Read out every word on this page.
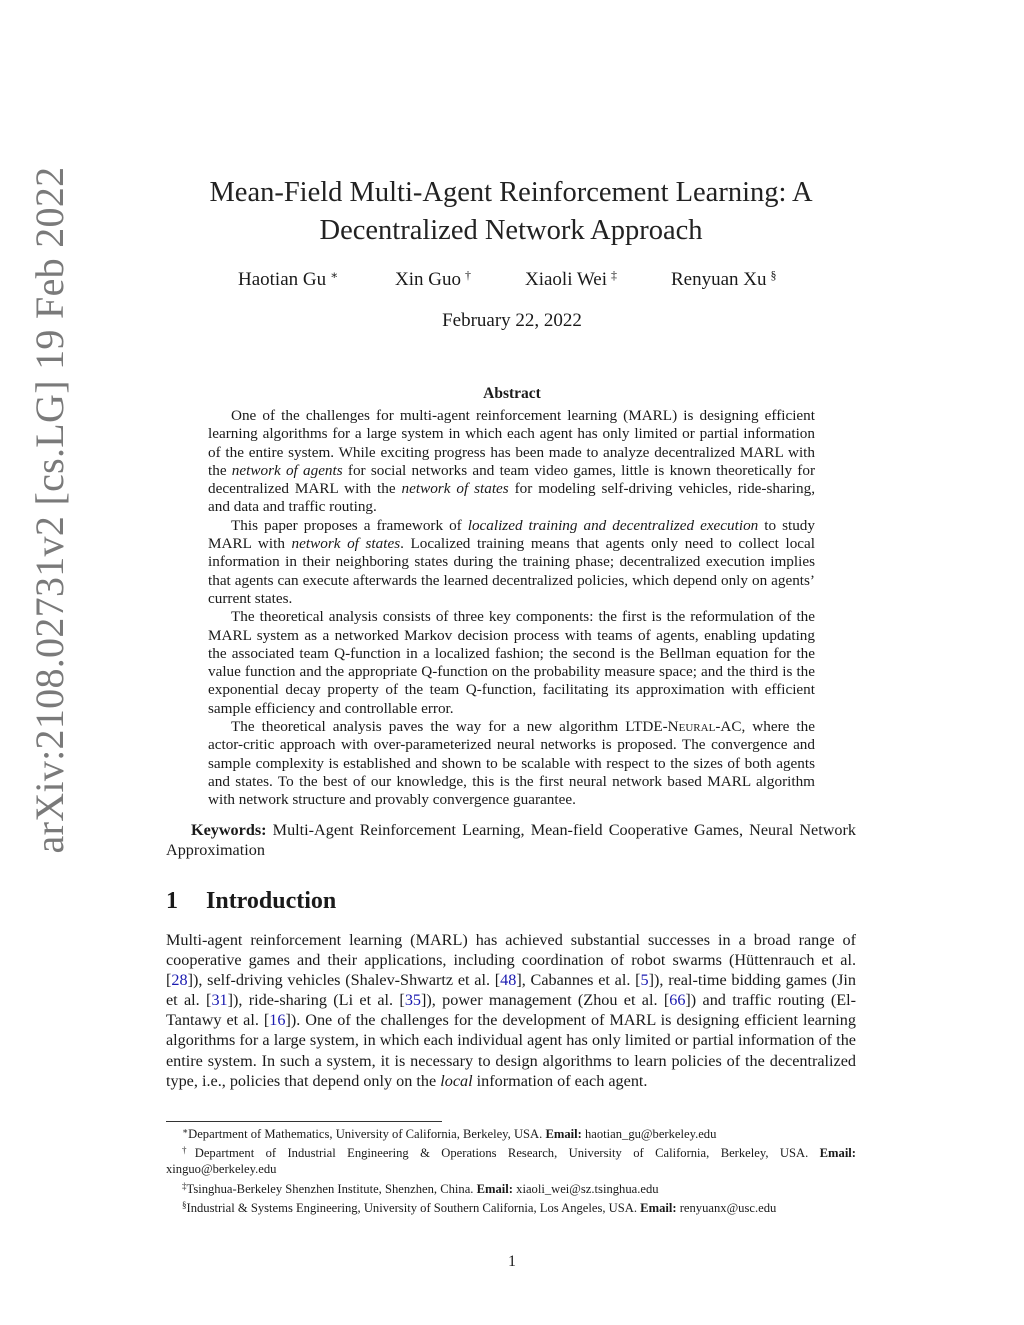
arXiv:2108.02731v2 [cs.LG] 19 Feb 2022	Mean-Field Multi-Agent Reinforcement Learning: A Decentralized Network Approach
Haotian Gu ∗	Xin Guo †	Xiaoli Wei ‡	Renyuan Xu §
February 22, 2022
Abstract

One of the challenges for multi-agent reinforcement learning (MARL) is designing efficient learning algorithms for a large system in which each agent has only limited or partial information of the entire system. While exciting progress has been made to analyze decentralized MARL with the network of agents for social networks and team video games, little is known theoretically for decentralized MARL with the network of states for modeling self-driving vehicles, ride-sharing, and data and traffic routing.

This paper proposes a framework of localized training and decentralized execution to study MARL with network of states. Localized training means that agents only need to collect local information in their neighboring states during the training phase; decentralized execution implies that agents can execute afterwards the learned decentralized policies, which depend only on agents’ current states.

The theoretical analysis consists of three key components: the first is the reformulation of the MARL system as a networked Markov decision process with teams of agents, enabling updating the associated team Q-function in a localized fashion; the second is the Bellman equation for the value function and the appropriate Q-function on the probability measure space; and the third is the exponential decay property of the team Q-function, facilitating its approximation with efficient sample efficiency and controllable error.

The theoretical analysis paves the way for a new algorithm LTDE-Neural-AC, where the actor-critic approach with over-parameterized neural networks is proposed. The convergence and sample complexity is established and shown to be scalable with respect to the sizes of both agents and states. To the best of our knowledge, this is the first neural network based MARL algorithm with network structure and provably convergence guarantee.

Keywords: Multi-Agent Reinforcement Learning, Mean-field Cooperative Games, Neural Network Approximation
1 Introduction

Multi-agent reinforcement learning (MARL) has achieved substantial successes in a broad range of cooperative games and their applications, including coordination of robot swarms (Hüttenrauch et al. [28]), self-driving vehicles (Shalev-Shwartz et al. [48], Cabannes et al. [5]), real-time bidding games (Jin et al. [31]), ride-sharing (Li et al. [35]), power management (Zhou et al. [66]) and traffic routing (El-Tantawy et al. [16]). One of the challenges for the development of MARL is designing efficient learning algorithms for a large system, in which each individual agent has only limited or partial information of the entire system. In such a system, it is necessary to design algorithms to learn policies of the decentralized type, i.e., policies that depend only on the local information of each agent.

∗Department of Mathematics, University of California, Berkeley, USA. Email: haotian_gu@berkeley.edu
†Department of Industrial Engineering & Operations Research, University of California, Berkeley, USA. Email: xinguo@berkeley.edu
‡Tsinghua-Berkeley Shenzhen Institute, Shenzhen, China. Email: xiaoli_wei@sz.tsinghua.edu
§Industrial & Systems Engineering, University of Southern California, Los Angeles, USA. Email: renyuanx@usc.edu
1
